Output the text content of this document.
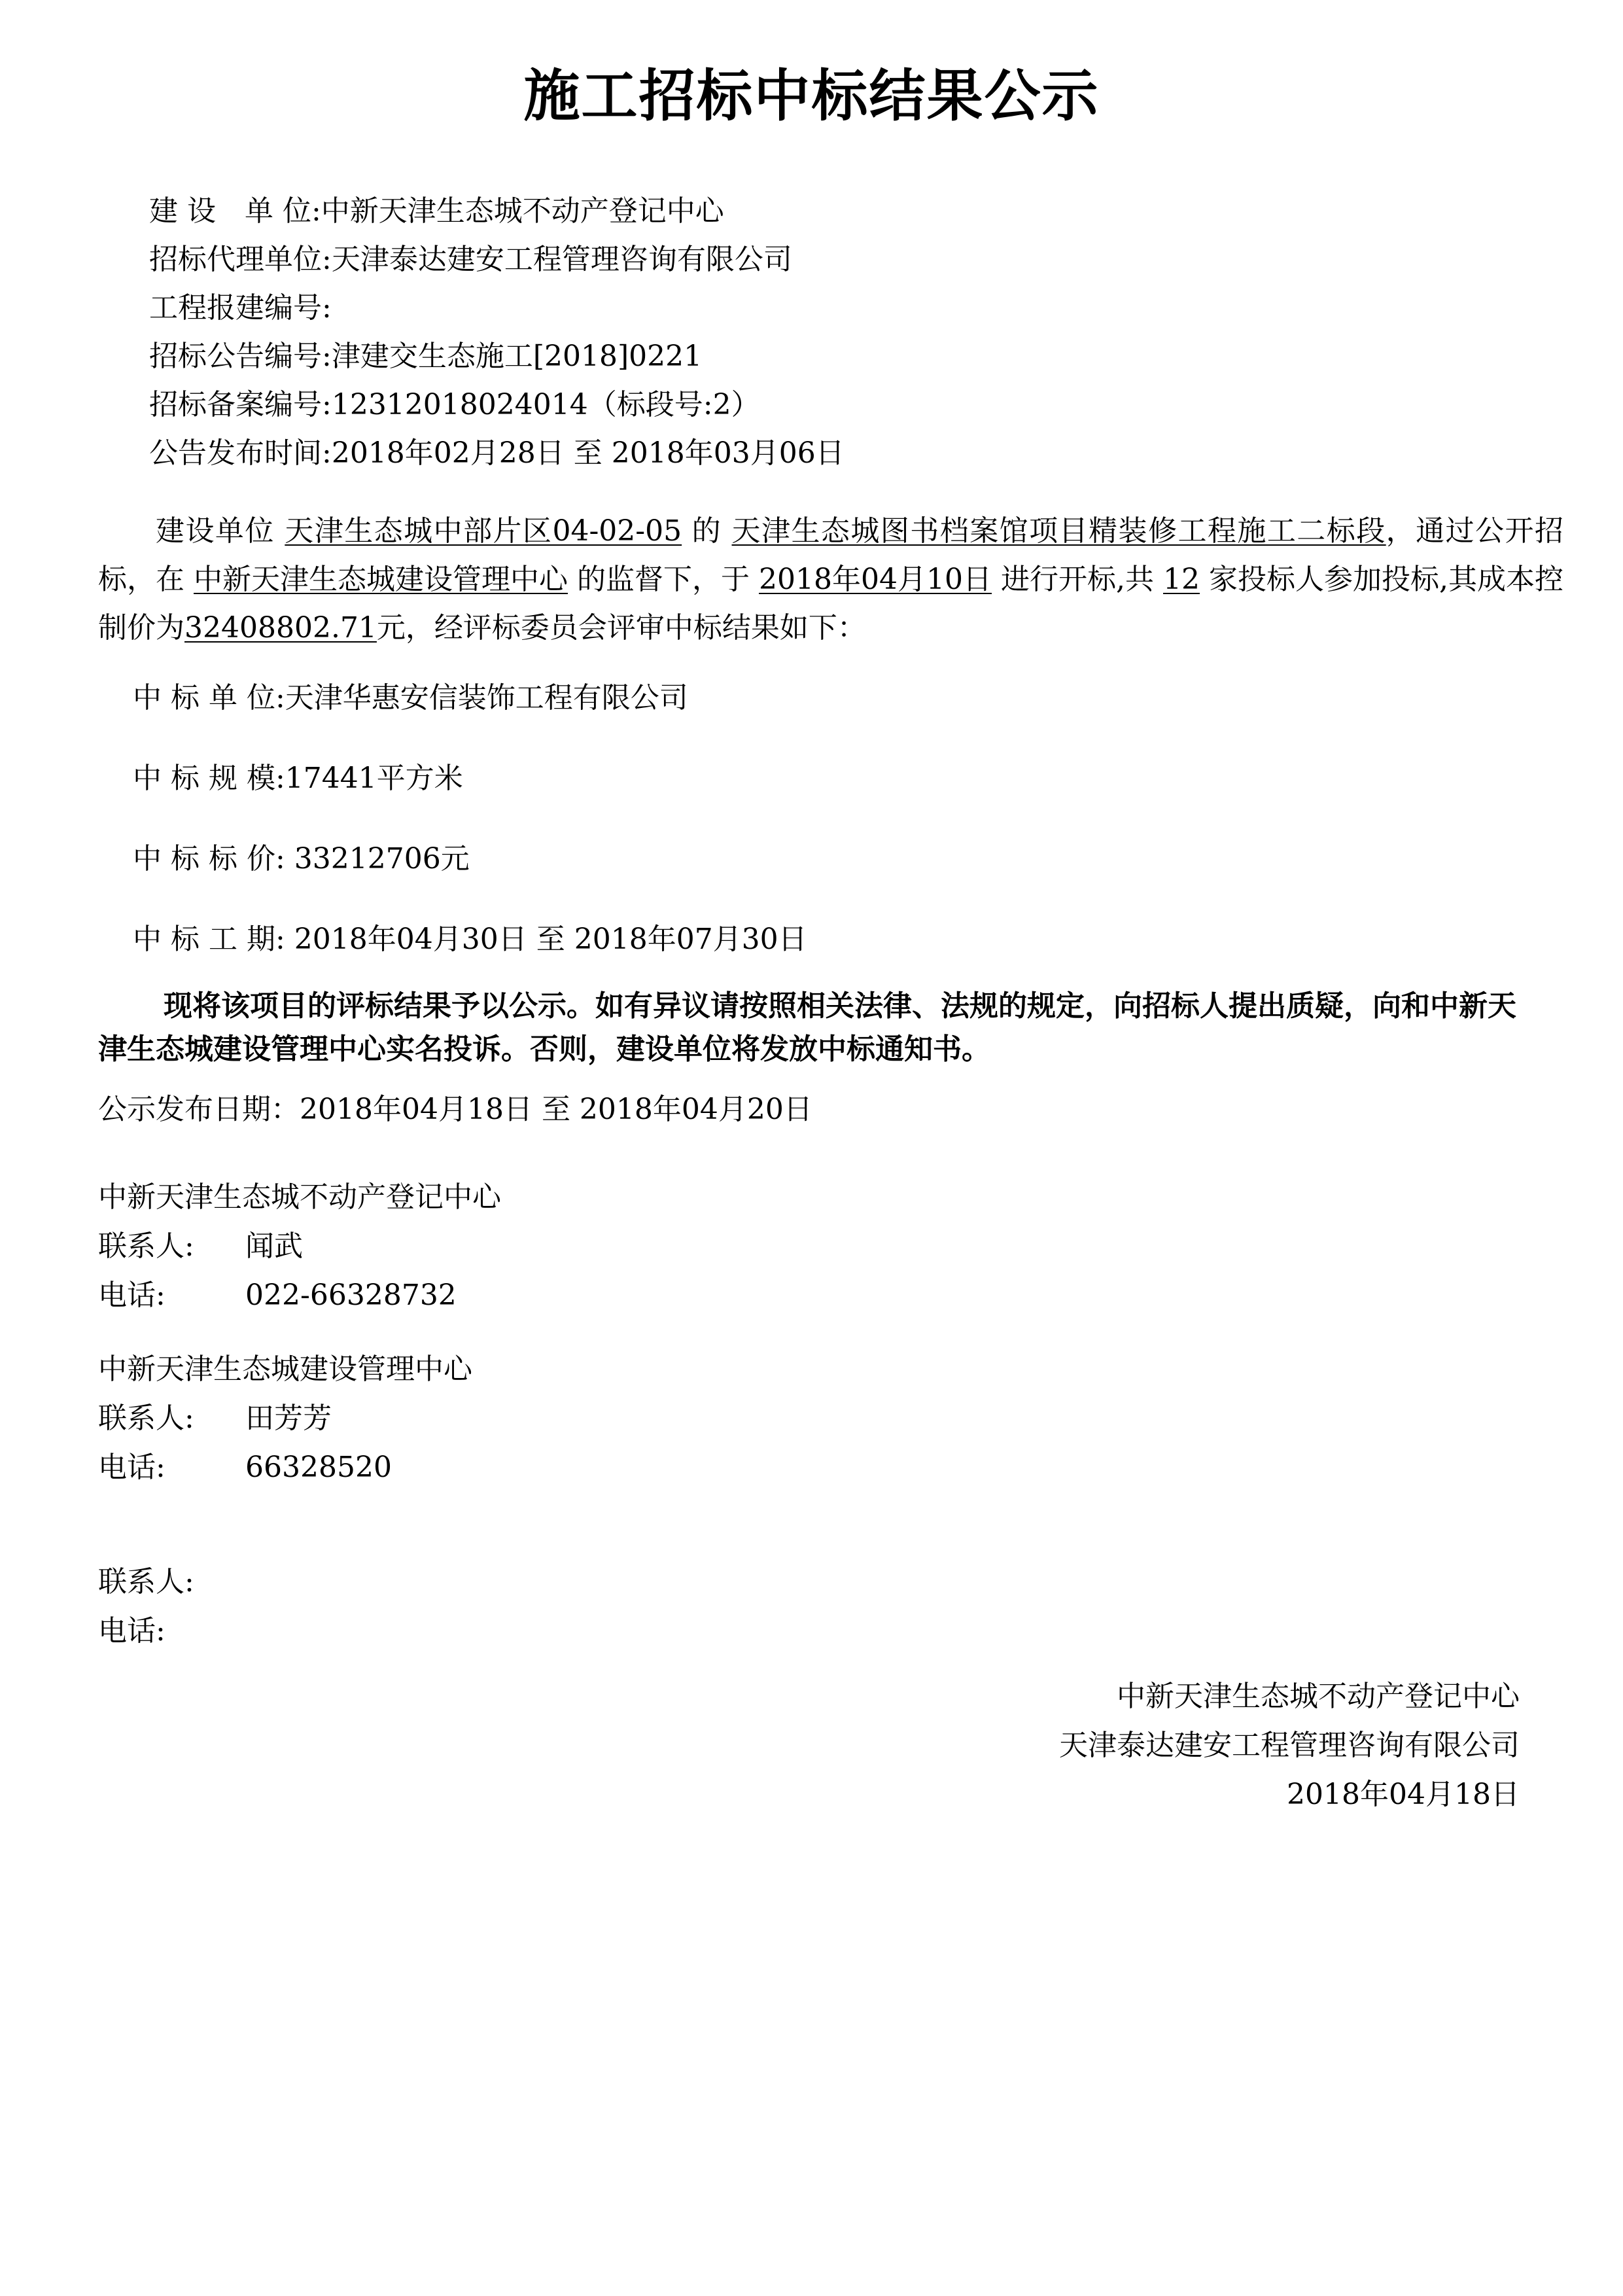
施工招标中标结果公示
建 设　单 位:中新天津生态城不动产登记中心
招标代理单位:天津泰达建安工程管理咨询有限公司
工程报建编号:
招标公告编号:津建交生态施工[2018]0221
招标备案编号:12312018024014（标段号:2）
公告发布时间:2018年02月28日 至 2018年03月06日
建设单位 天津生态城中部片区04-02-05 的 天津生态城图书档案馆项目精装修工程施工二标段，通过公开招标，在 中新天津生态城建设管理中心 的监督下，于 2018年04月10日 进行开标,共 12 家投标人参加投标,其成本控制价为32408802.71元，经评标委员会评审中标结果如下：
中 标 单 位:天津华惠安信装饰工程有限公司
中 标 规 模:17441平方米
中 标 标 价: 33212706元
中 标 工 期: 2018年04月30日 至 2018年07月30日
现将该项目的评标结果予以公示。如有异议请按照相关法律、法规的规定，向招标人提出质疑，向和中新天津生态城建设管理中心实名投诉。否则，建设单位将发放中标通知书。
公示发布日期：2018年04月18日 至 2018年04月20日
中新天津生态城不动产登记中心
联系人: 闻武
电话:	022-66328732
中新天津生态城建设管理中心
联系人: 田芳芳
电话:	66328520
联系人:
电话:
中新天津生态城不动产登记中心
天津泰达建安工程管理咨询有限公司
2018年04月18日
